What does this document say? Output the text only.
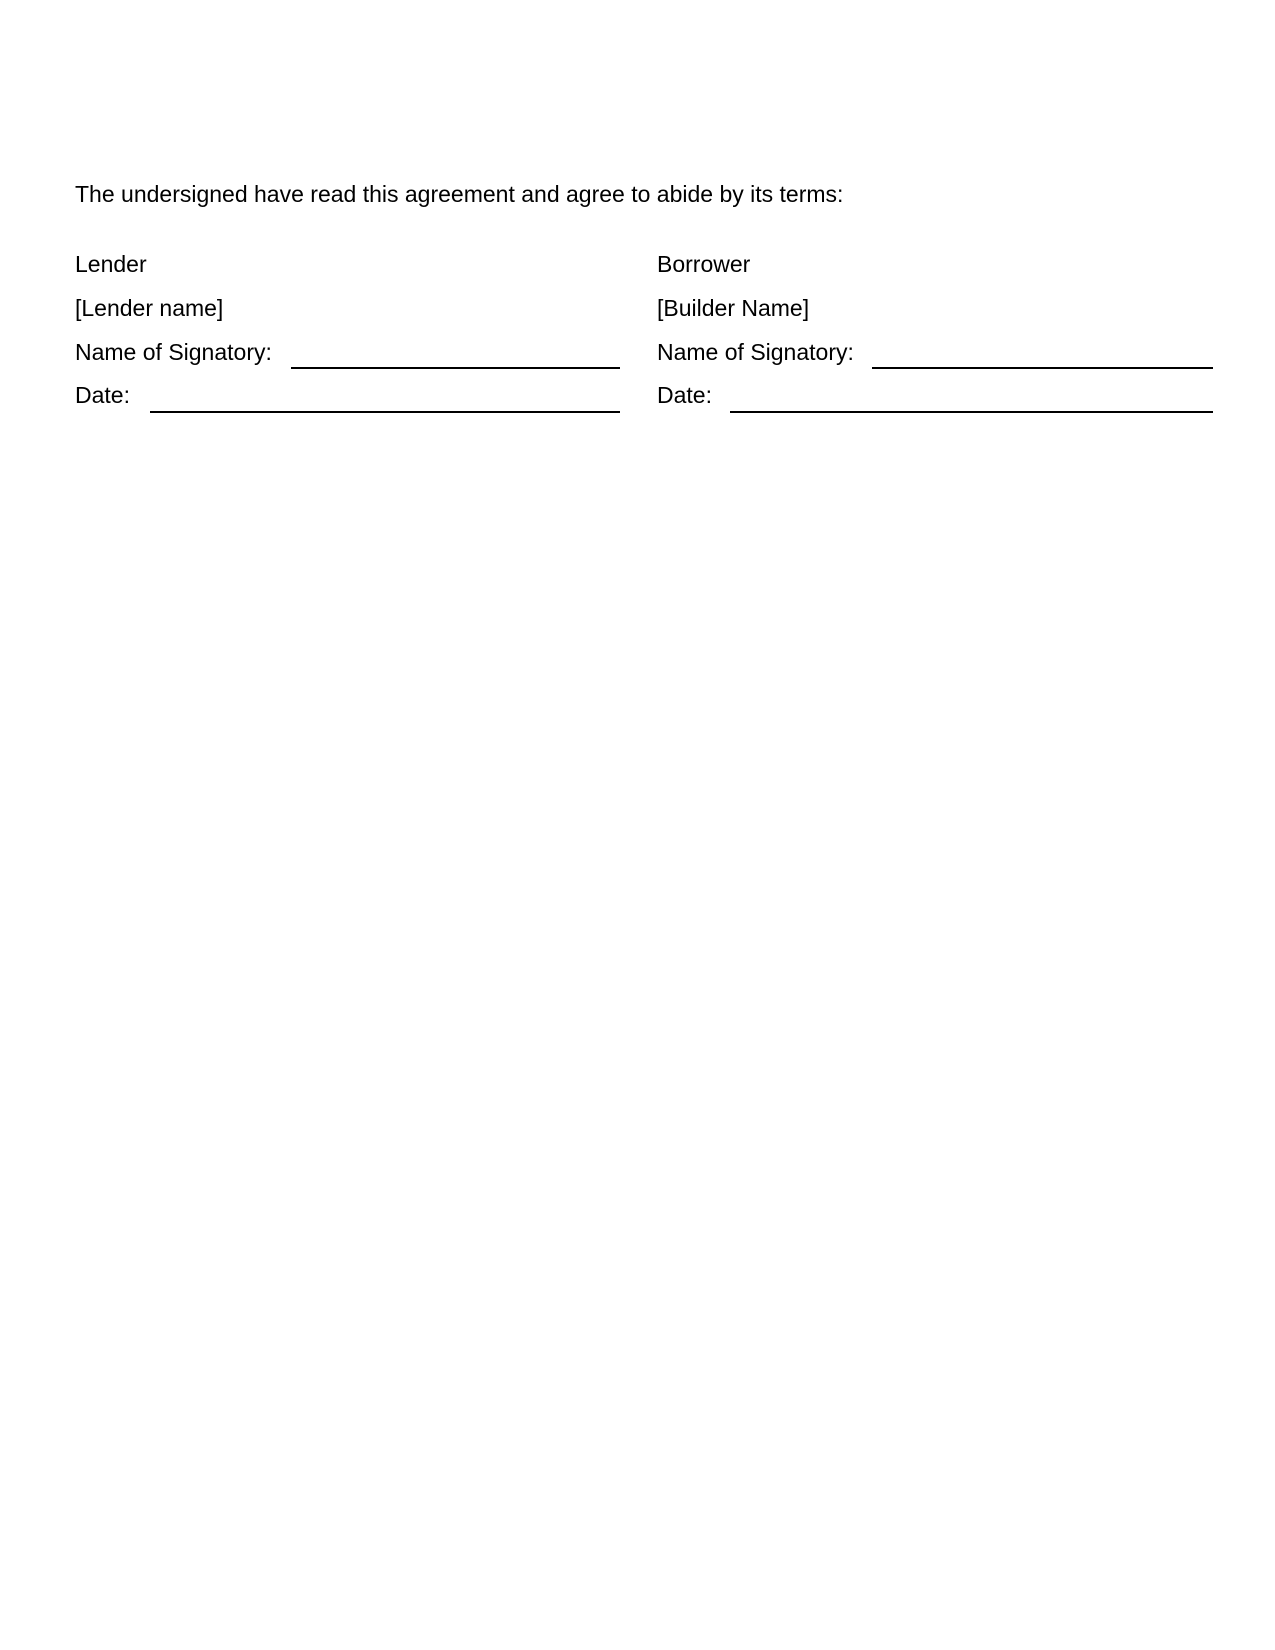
The undersigned have read this agreement and agree to abide by its terms:
Lender
[Lender name]
Name of Signatory:
Date:
Borrower
[Builder Name]
Name of Signatory:
Date:
